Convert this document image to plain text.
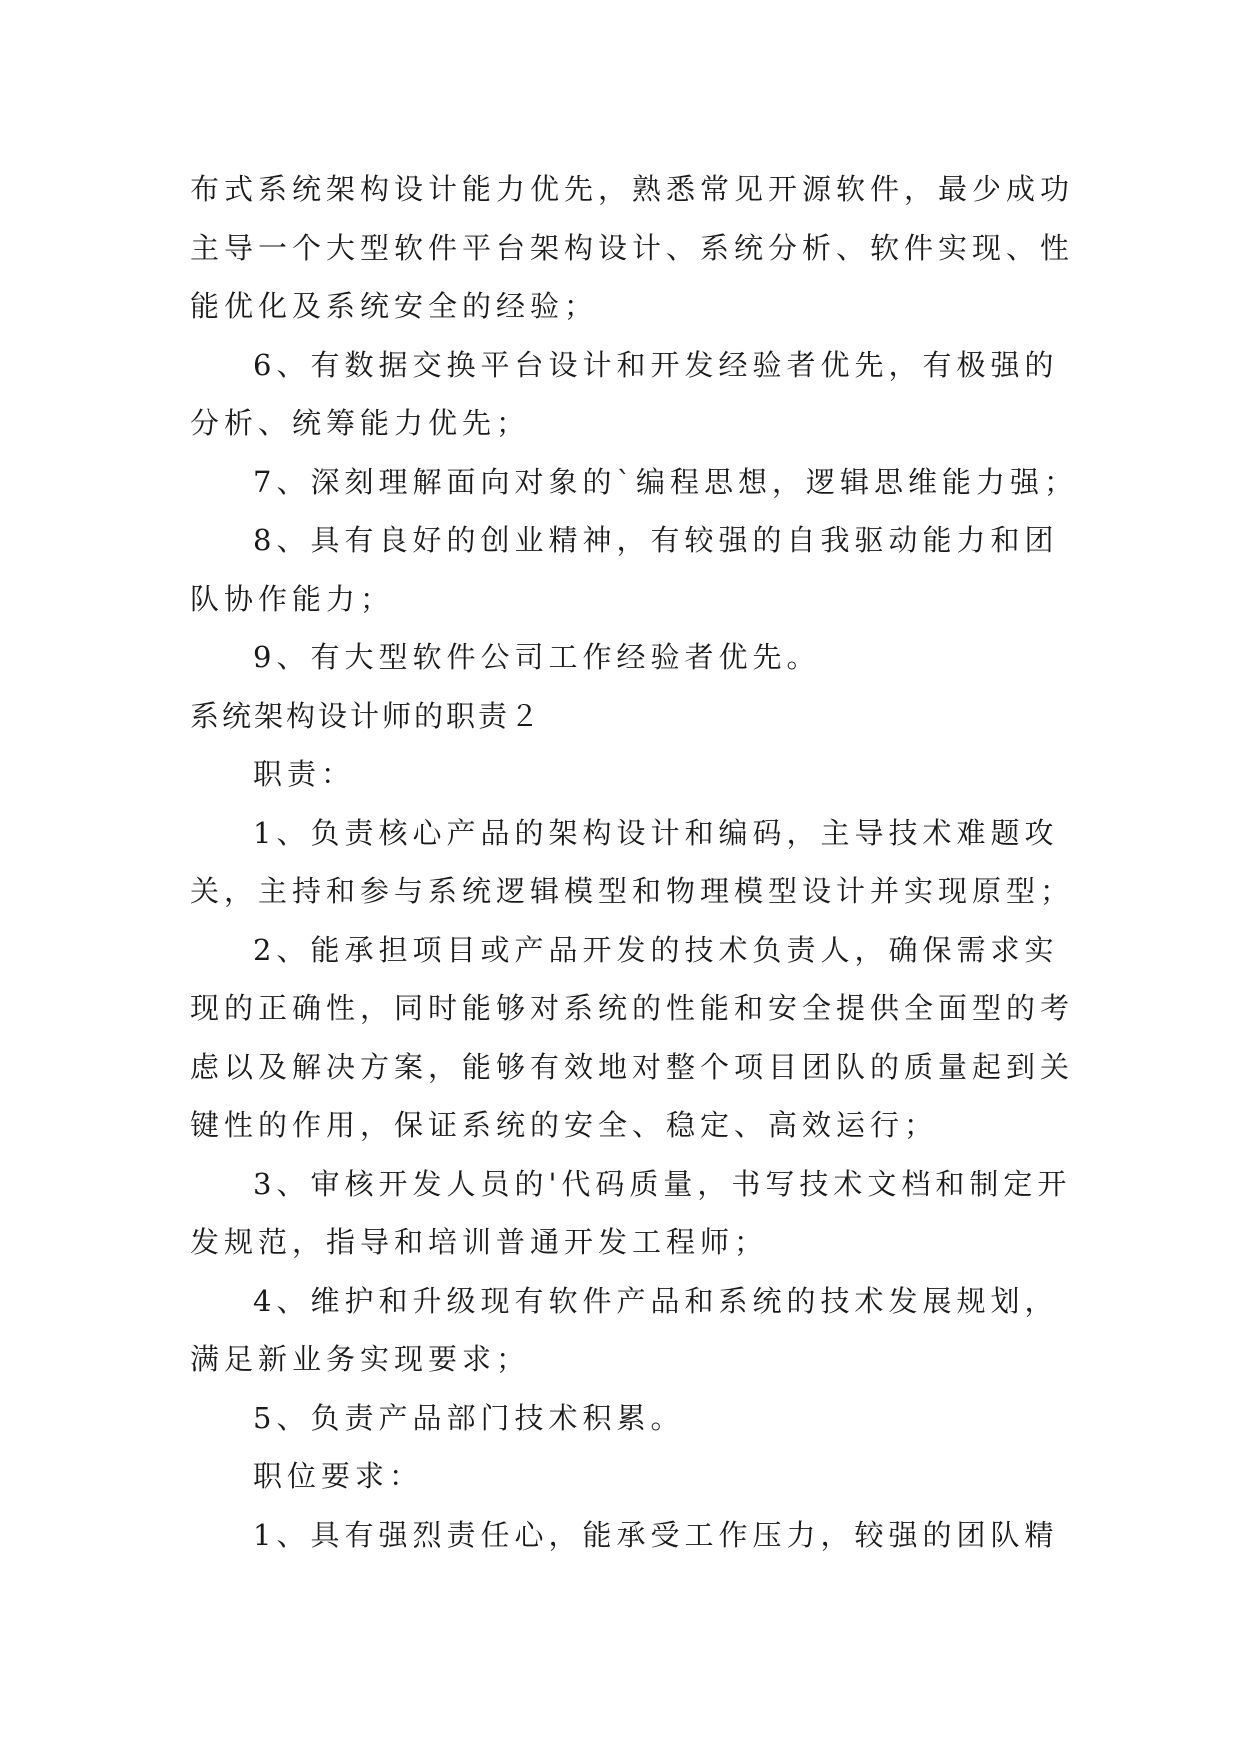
布式系统架构设计能力优先，熟悉常见开源软件，最少成功
主导一个大型软件平台架构设计、系统分析、软件实现、性
能优化及系统安全的经验；
6、有数据交换平台设计和开发经验者优先，有极强的
分析、统筹能力优先；
7、深刻理解面向对象的`编程思想，逻辑思维能力强；
8、具有良好的创业精神，有较强的自我驱动能力和团
队协作能力；
9、有大型软件公司工作经验者优先。
系统架构设计师的职责２
职责：
1、负责核心产品的架构设计和编码，主导技术难题攻
关，主持和参与系统逻辑模型和物理模型设计并实现原型；
2、能承担项目或产品开发的技术负责人，确保需求实
现的正确性，同时能够对系统的性能和安全提供全面型的考
虑以及解决方案，能够有效地对整个项目团队的质量起到关
键性的作用，保证系统的安全、稳定、高效运行；
3、审核开发人员的'代码质量，书写技术文档和制定开
发规范，指导和培训普通开发工程师；
4、维护和升级现有软件产品和系统的技术发展规划，
满足新业务实现要求；
5、负责产品部门技术积累。
职位要求：
1、具有强烈责任心，能承受工作压力，较强的团队精
